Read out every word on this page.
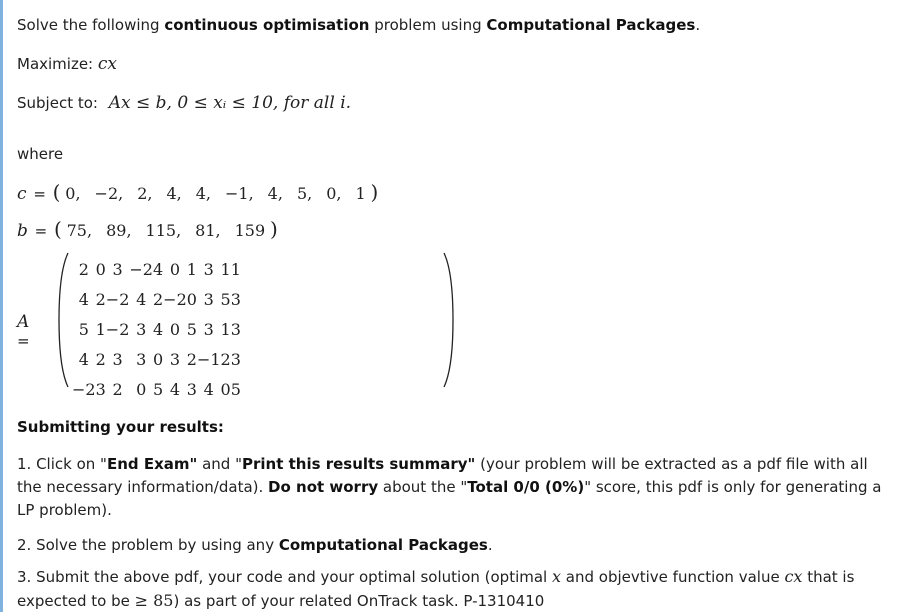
Solve the following continuous optimisation problem using Computational Packages.
Maximize: cx
Subject to: Ax ≤ b, 0 ≤ xᵢ ≤ 10, for all i.
where
c = ( 0, −2, 2, 4, 4, −1, 4, 5, 0, 1 )
b = ( 75, 89, 115, 81, 159 )
A =
2	0	3	−2	4	0	1	3	1	1
4	2	−2	4	2	−2	0	3	5	3
5	1	−2	3	4	0	5	3	1	3
4	2	3	3	0	3	2	−1	2	3
−2	3	2	0	5	4	3	4	0	5
Submitting your results:
1. Click on "End Exam" and "Print this results summary" (your problem will be extracted as a pdf file with all the necessary information/data). Do not worry about the "Total 0/0 (0%)" score, this pdf is only for generating a LP problem).
2. Solve the problem by using any Computational Packages.
3. Submit the above pdf, your code and your optimal solution (optimal x and objevtive function value cx that is expected to be ≥ 85) as part of your related OnTrack task. P-1310410
